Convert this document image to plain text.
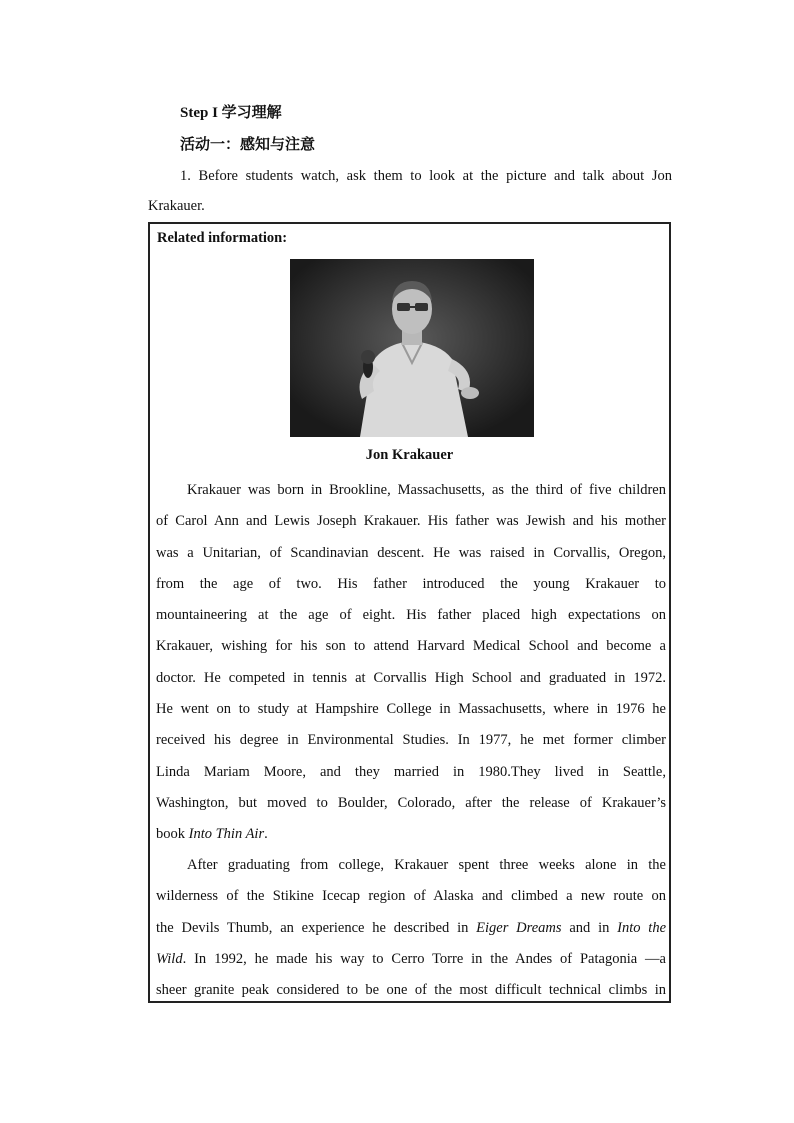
Step I 学习理解
活动一：感知与注意
1. Before students watch, ask them to look at the picture and talk about Jon
Krakauer.
Related information:
Jon Krakauer
Krakauer was born in Brookline, Massachusetts, as the third of five children
of Carol Ann and Lewis Joseph Krakauer. His father was Jewish and his mother
was a Unitarian, of Scandinavian descent. He was raised in Corvallis, Oregon,
from the age of two. His father introduced the young Krakauer to
mountaineering at the age of eight. His father placed high expectations on
Krakauer, wishing for his son to attend Harvard Medical School and become a
doctor. He competed in tennis at Corvallis High School and graduated in 1972.
He went on to study at Hampshire College in Massachusetts, where in 1976 he
received his degree in Environmental Studies. In 1977, he met former climber
Linda Mariam Moore, and they married in 1980.They lived in Seattle,
Washington, but moved to Boulder, Colorado, after the release of Krakauer’s
book Into Thin Air.
After graduating from college, Krakauer spent three weeks alone in the
wilderness of the Stikine Icecap region of Alaska and climbed a new route on
the Devils Thumb, an experience he described in Eiger Dreams and in Into the
Wild. In 1992, he made his way to Cerro Torre in the Andes of Patagonia —a
sheer granite peak considered to be one of the most difficult technical climbs in
